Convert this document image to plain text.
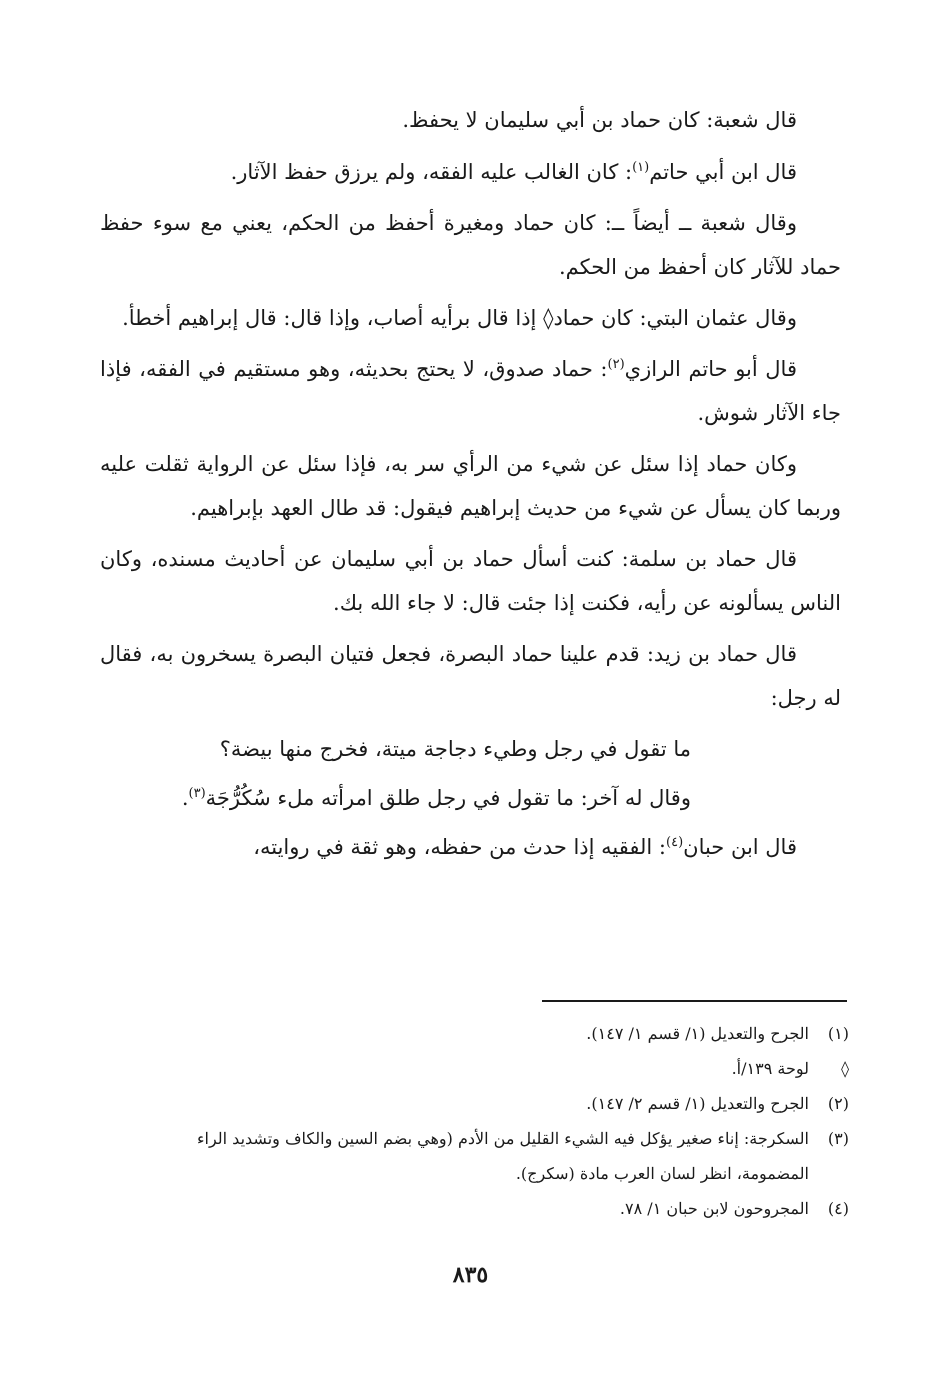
قال شعبة: كان حماد بن أبي سليمان لا يحفظ.

قال ابن أبي حاتم$^{(١)}$: كان الغالب عليه الفقه، ولم يرزق حفظ الآثار.

وقال شعبة ــ أيضاً ــ: كان حماد ومغيرة أحفظ من الحكم، يعني مع سوء حفظ حماد للآثار كان أحفظ من الحكم.

وقال عثمان البتي: كان حماد◊ إذا قال برأيه أصاب، وإذا قال: قال إبراهيم أخطأ.

قال أبو حاتم الرازي$^{(٢)}$: حماد صدوق، لا يحتج بحديثه، وهو مستقيم في الفقه، فإذا جاء الآثار شوش.

وكان حماد إذا سئل عن شيء من الرأي سر به، فإذا سئل عن الرواية ثقلت عليه وربما كان يسأل عن شيء من حديث إبراهيم فيقول: قد طال العهد بإبراهيم.

قال حماد بن سلمة: كنت أسأل حماد بن أبي سليمان عن أحاديث مسنده، وكان الناس يسألونه عن رأيه، فكنت إذا جئت قال: لا جاء الله بك.

قال حماد بن زيد: قدم علينا حماد البصرة، فجعل فتيان البصرة يسخرون به، فقال له رجل:

ما تقول في رجل وطيء دجاجة ميتة، فخرج منها بيضة؟

وقال له آخر: ما تقول في رجل طلق امرأته ملء سُكُرُّجَة$^{(٣)}$.

قال ابن حبان$^{(٤)}$: الفقيه إذا حدث من حفظه، وهو ثقة في روايته،

(١)
الجرح والتعديل (١/ قسم ١/ ١٤٧).

◊
لوحة ١٣٩/أ.

(٢)
الجرح والتعديل (١/ قسم ٢/ ١٤٧).

(٣)
السكرجة: إناء صغير يؤكل فيه الشيء القليل من الأدم (وهي بضم السين والكاف وتشديد الراء المضمومة، انظر لسان العرب مادة (سكرج).

(٤)
المجروحون لابن حبان ١/ ٧٨.

٨٣٥
